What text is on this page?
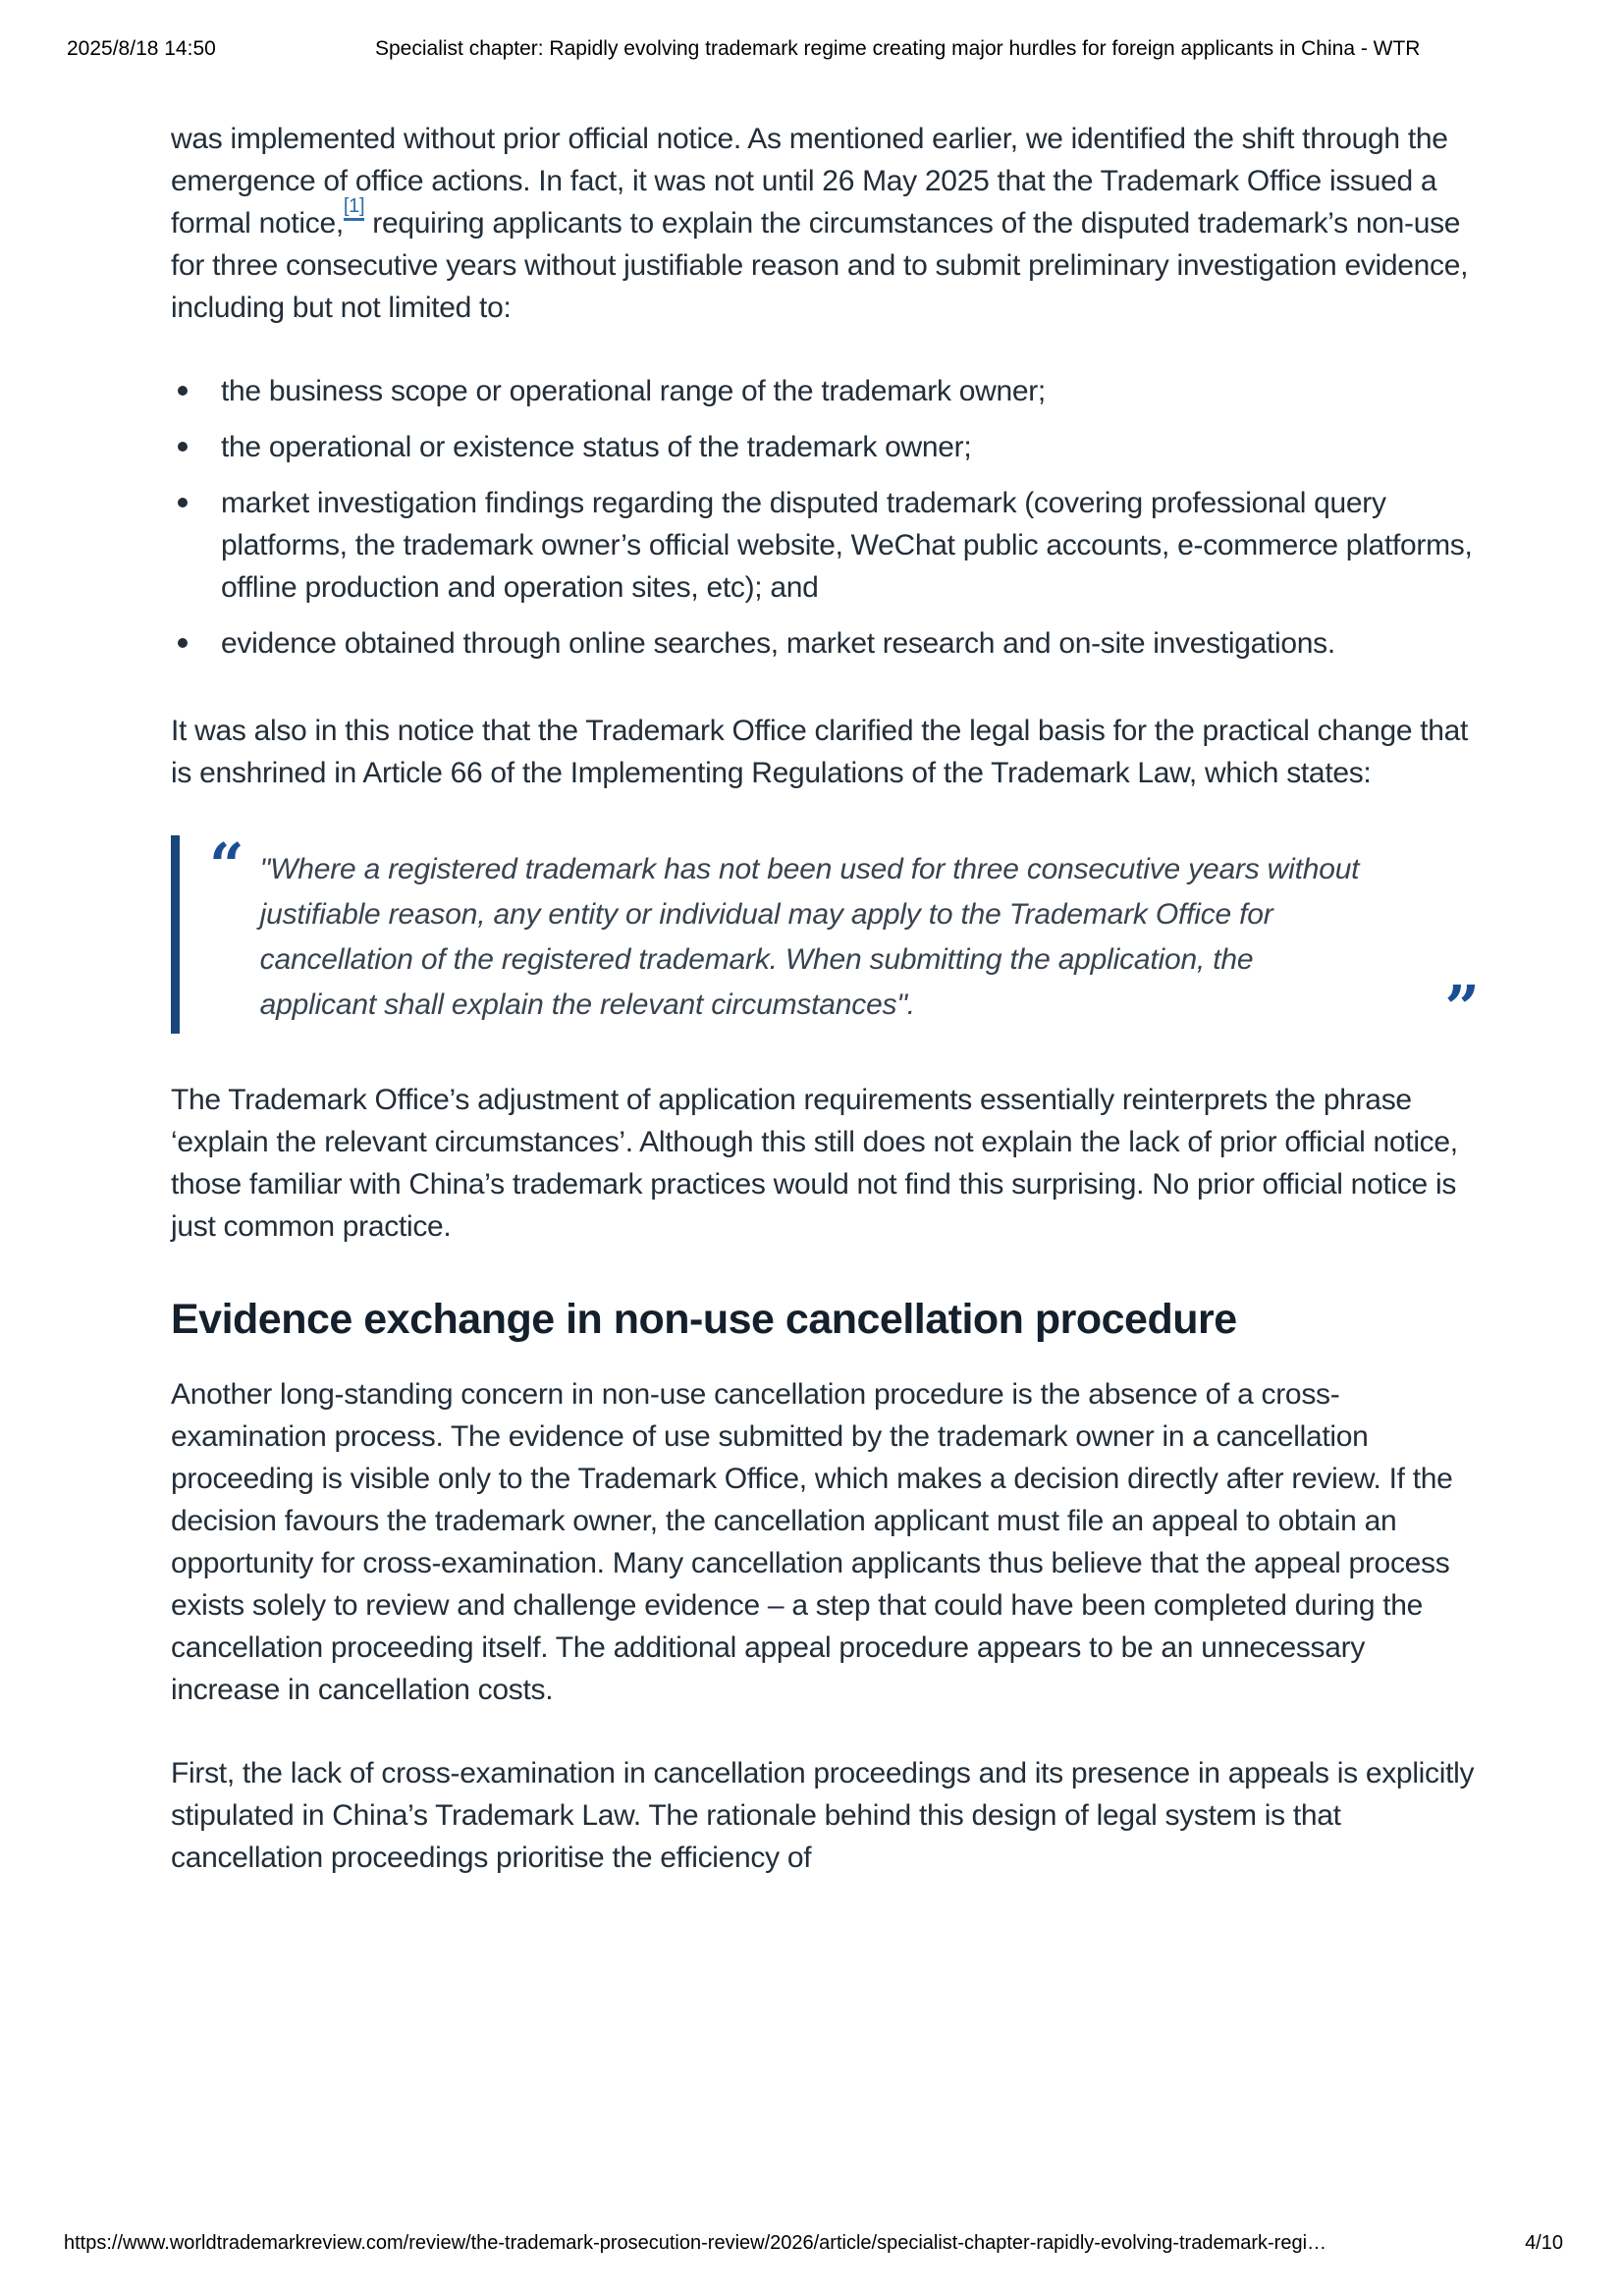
2025/8/18 14:50	Specialist chapter: Rapidly evolving trademark regime creating major hurdles for foreign applicants in China - WTR

was implemented without prior official notice. As mentioned earlier, we identified the shift through the emergence of office actions. In fact, it was not until 26 May 2025 that the Trademark Office issued a formal notice,[1] requiring applicants to explain the circumstances of the disputed trademark’s non-use for three consecutive years without justifiable reason and to submit preliminary investigation evidence, including but not limited to:

the business scope or operational range of the trademark owner;
the operational or existence status of the trademark owner;
market investigation findings regarding the disputed trademark (covering professional query platforms, the trademark owner’s official website, WeChat public accounts, e-commerce platforms, offline production and operation sites, etc); and
evidence obtained through online searches, market research and on-site investigations.

It was also in this notice that the Trademark Office clarified the legal basis for the practical change that is enshrined in Article 66 of the Implementing Regulations of the Trademark Law, which states:

“ "Where a registered trademark has not been used for three consecutive years without justifiable reason, any entity or individual may apply to the Trademark Office for cancellation of the registered trademark. When submitting the application, the applicant shall explain the relevant circumstances".	”

The Trademark Office’s adjustment of application requirements essentially reinterprets the phrase ‘explain the relevant circumstances’. Although this still does not explain the lack of prior official notice, those familiar with China’s trademark practices would not find this surprising. No prior official notice is just common practice.

Evidence exchange in non-use cancellation procedure

Another long-standing concern in non-use cancellation procedure is the absence of a cross-examination process. The evidence of use submitted by the trademark owner in a cancellation proceeding is visible only to the Trademark Office, which makes a decision directly after review. If the decision favours the trademark owner, the cancellation applicant must file an appeal to obtain an opportunity for cross-examination. Many cancellation applicants thus believe that the appeal process exists solely to review and challenge evidence – a step that could have been completed during the cancellation proceeding itself. The additional appeal procedure appears to be an unnecessary increase in cancellation costs.

First, the lack of cross-examination in cancellation proceedings and its presence in appeals is explicitly stipulated in China’s Trademark Law. The rationale behind this design of legal system is that cancellation proceedings prioritise the efficiency of

https://www.worldtrademarkreview.com/review/the-trademark-prosecution-review/2026/article/specialist-chapter-rapidly-evolving-trademark-regi…	4/10
